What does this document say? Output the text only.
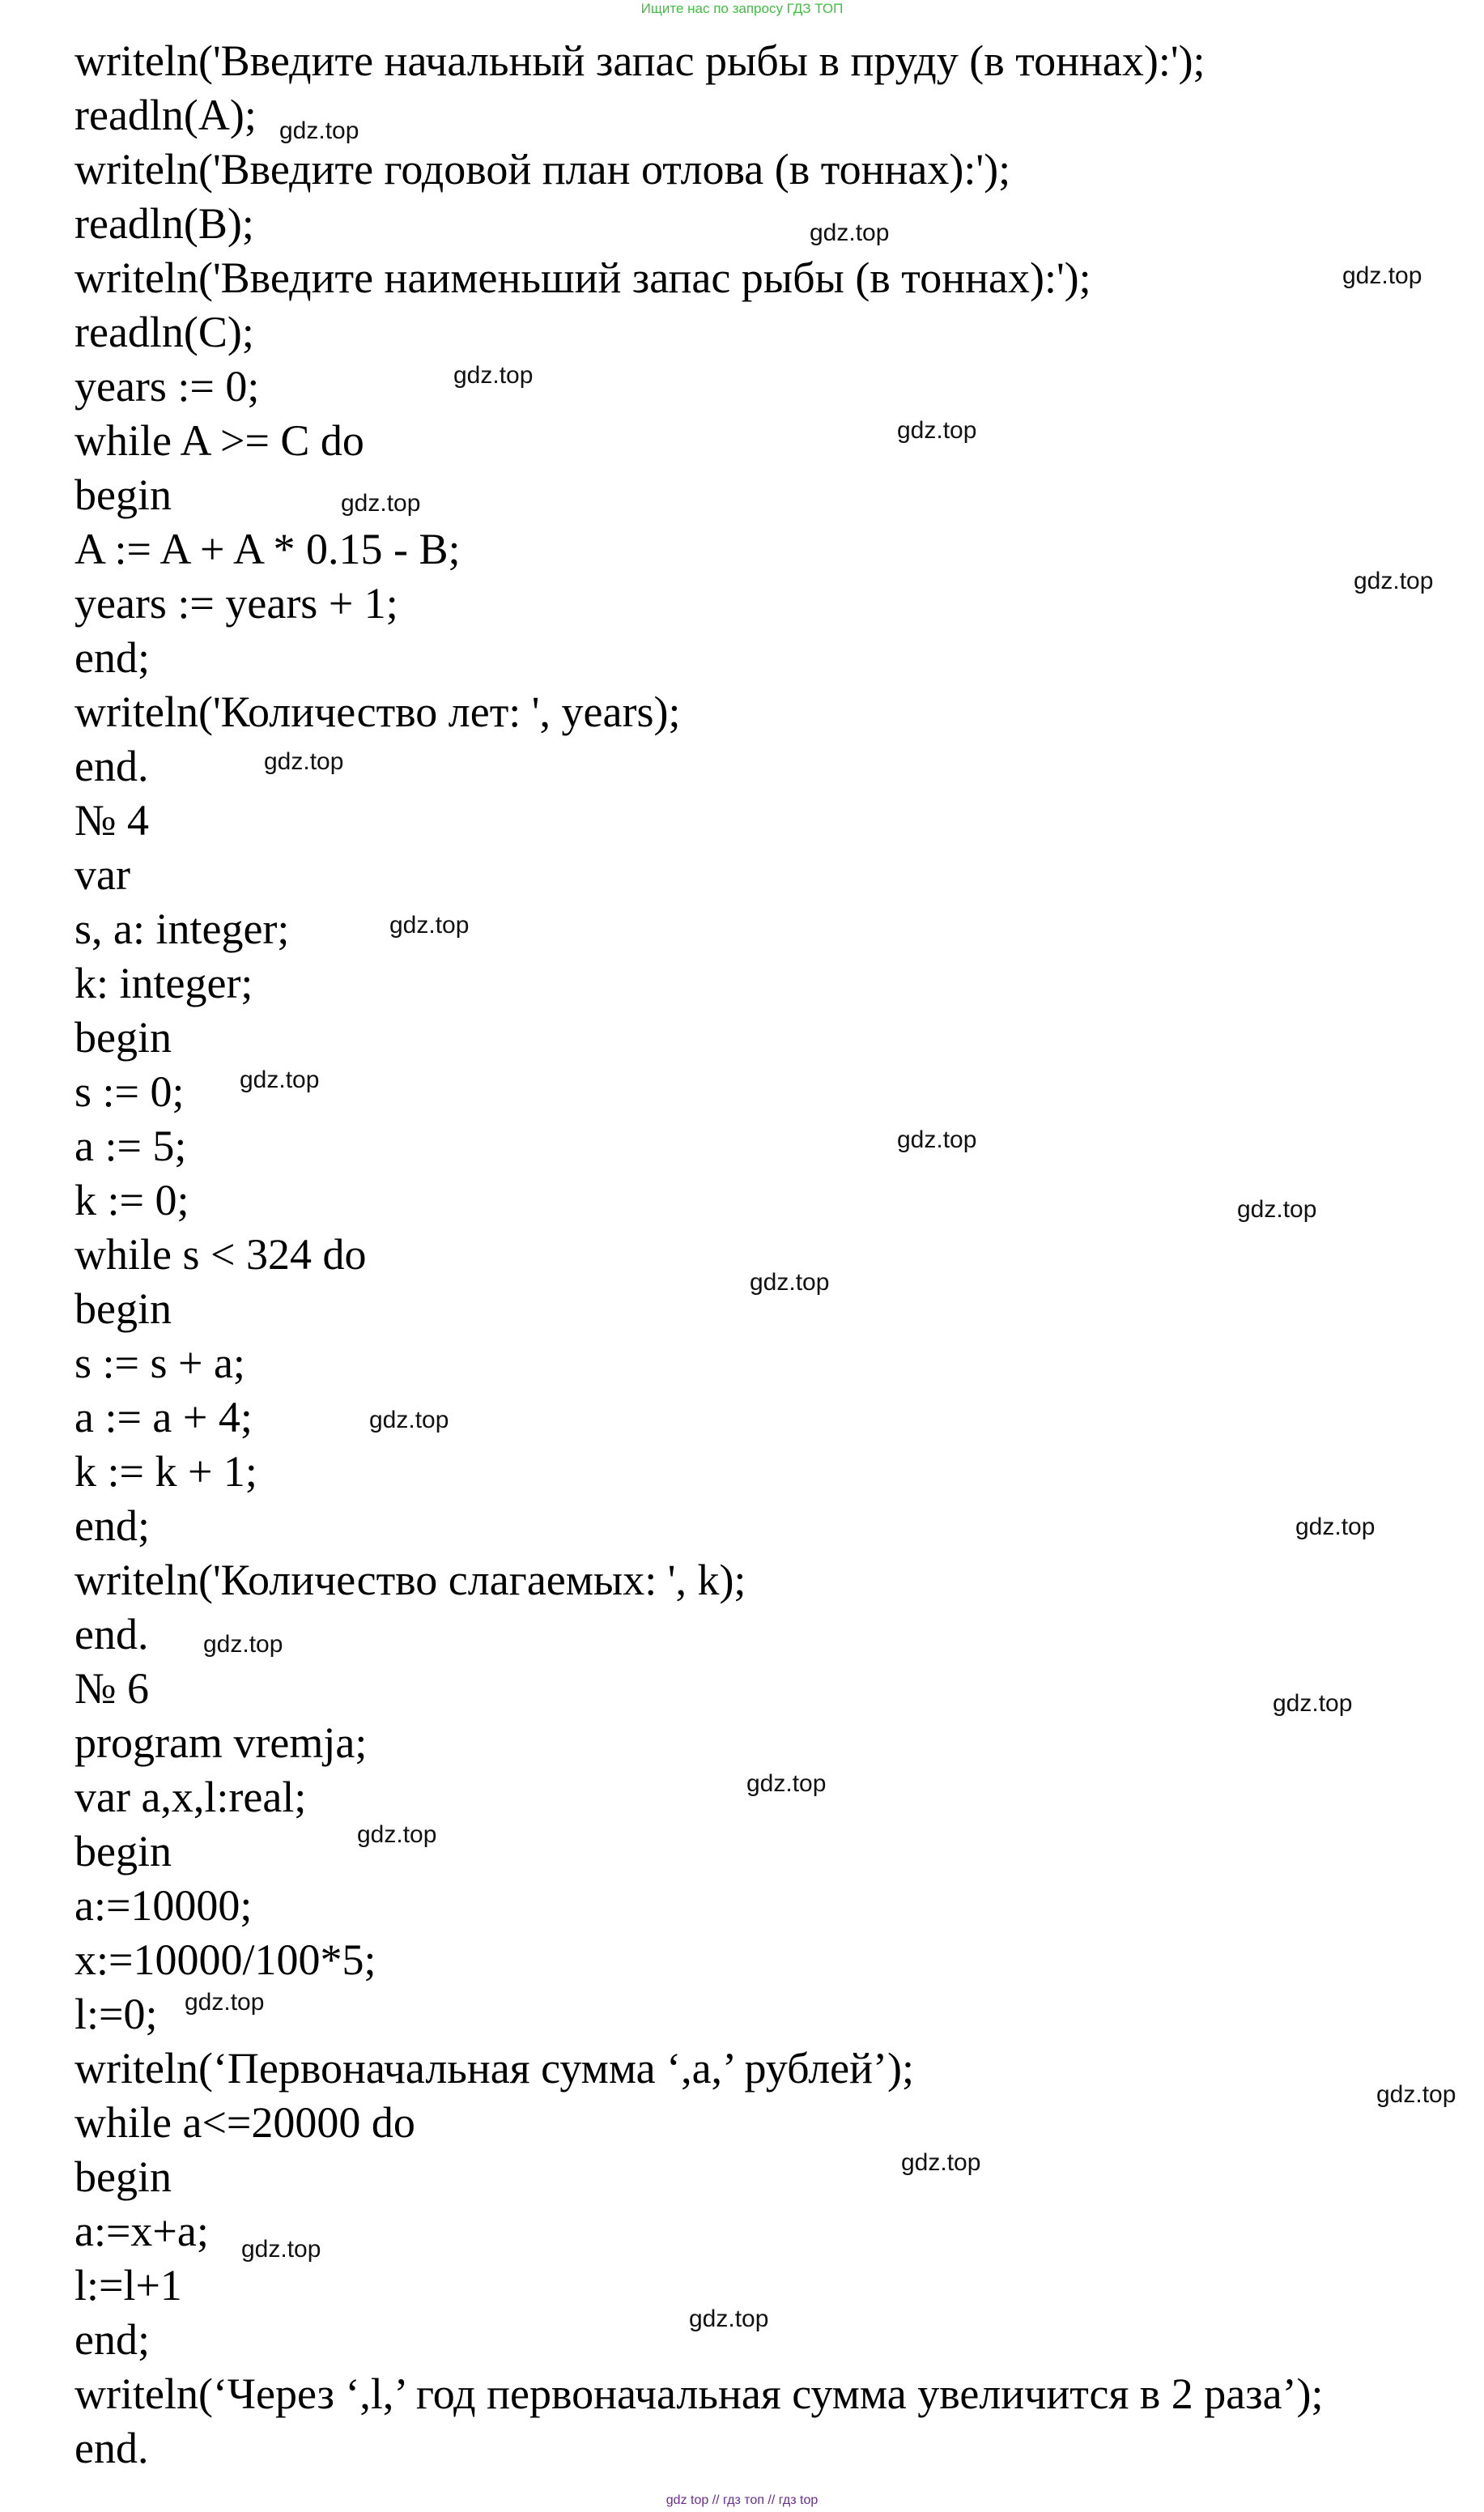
Ищите нас по запросу ГДЗ ТОП
writeln('Введите начальный запас рыбы в пруду (в тоннах):');
readln(A);
writeln('Введите годовой план отлова (в тоннах):');
readln(B);
writeln('Введите наименьший запас рыбы (в тоннах):');
readln(C);
years := 0;
while A >= C do
begin
A := A + A * 0.15 - B;
years := years + 1;
end;
writeln('Количество лет: ', years);
end.
№ 4
var
s, a: integer;
k: integer;
begin
s := 0;
a := 5;
k := 0;
while s < 324 do
begin
s := s + a;
a := a + 4;
k := k + 1;
end;
writeln('Количество слагаемых: ', k);
end.
№ 6
program vremja;
var a,x,l:real;
begin
a:=10000;
x:=10000/100*5;
l:=0;
writeln(‘Первоначальная сумма ‘,a,’ рублей’);
while a<=20000 do
begin
a:=x+a;
l:=l+1
end;
writeln(‘Через ‘,l,’ год первоначальная сумма увеличится в 2 раза’);
end.
gdz.top
gdz.top
gdz.top
gdz.top
gdz.top
gdz.top
gdz.top
gdz.top
gdz.top
gdz.top
gdz.top
gdz.top
gdz.top
gdz.top
gdz.top
gdz.top
gdz.top
gdz.top
gdz.top
gdz.top
gdz.top
gdz.top
gdz.top
gdz.top
gdz top // гдз топ // гдз top
